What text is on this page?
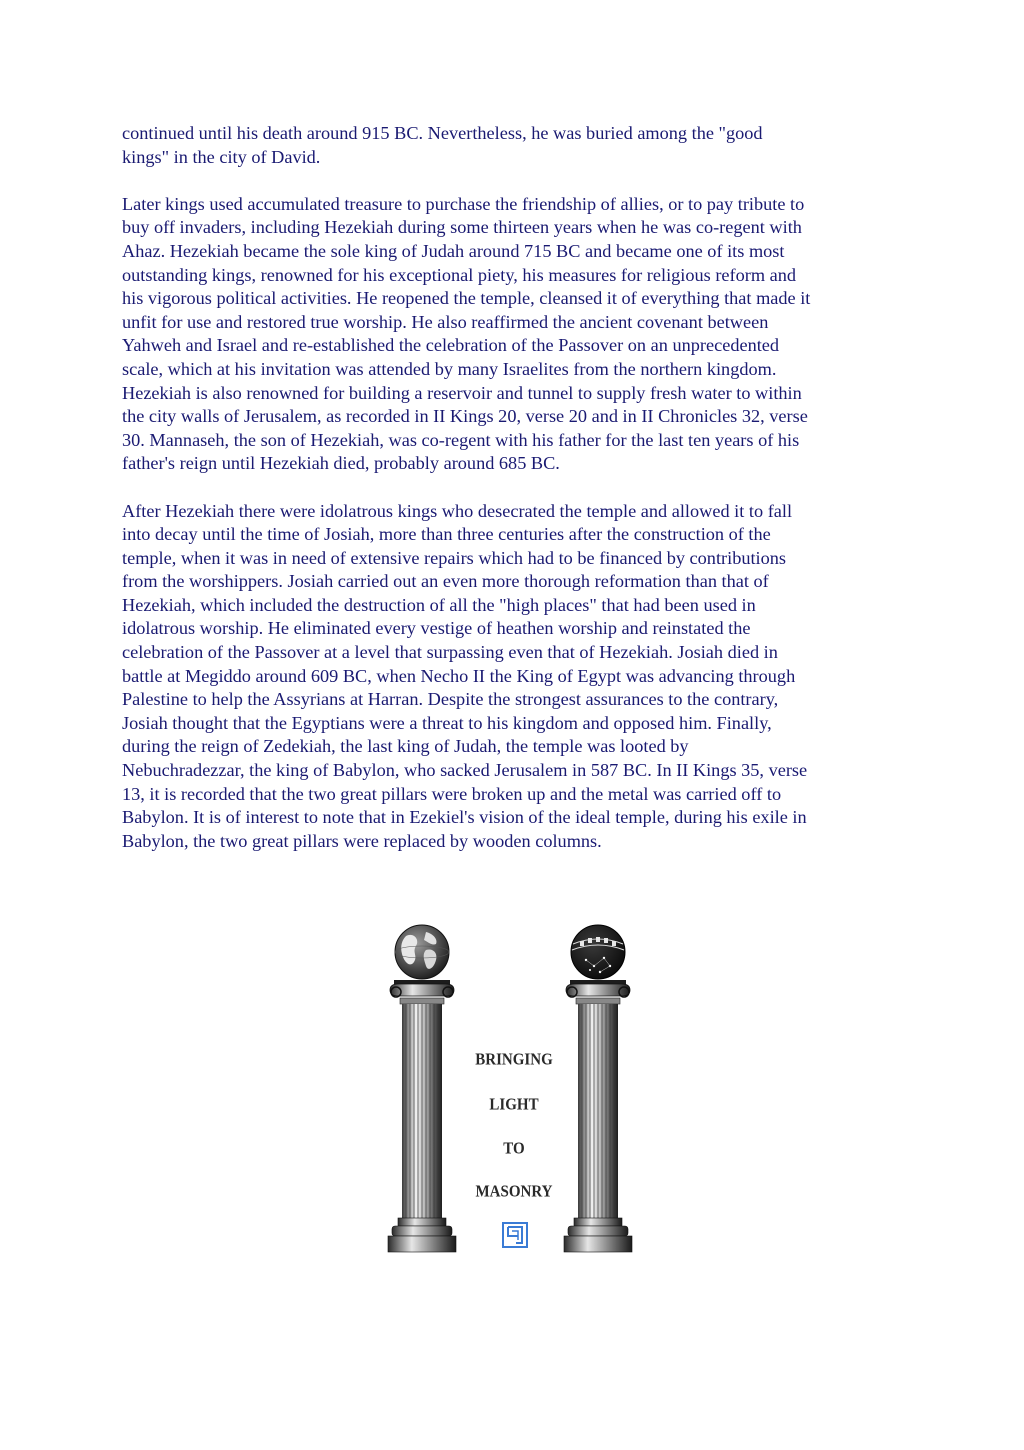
continued until his death around 915 BC. Nevertheless, he was buried among the "good
kings" in the city of David.

Later kings used accumulated treasure to purchase the friendship of allies, or to pay tribute to
buy off invaders, including Hezekiah during some thirteen years when he was co-regent with
Ahaz. Hezekiah became the sole king of Judah around 715 BC and became one of its most
outstanding kings, renowned for his exceptional piety, his measures for religious reform and
his vigorous political activities. He reopened the temple, cleansed it of everything that made it
unfit for use and restored true worship. He also reaffirmed the ancient covenant between
Yahweh and Israel and re-established the celebration of the Passover on an unprecedented
scale, which at his invitation was attended by many Israelites from the northern kingdom.
Hezekiah is also renowned for building a reservoir and tunnel to supply fresh water to within
the city walls of Jerusalem, as recorded in II Kings 20, verse 20 and in II Chronicles 32, verse
30. Mannaseh, the son of Hezekiah, was co-regent with his father for the last ten years of his
father's reign until Hezekiah died, probably around 685 BC.

After Hezekiah there were idolatrous kings who desecrated the temple and allowed it to fall
into decay until the time of Josiah, more than three centuries after the construction of the
temple, when it was in need of extensive repairs which had to be financed by contributions
from the worshippers. Josiah carried out an even more thorough reformation than that of
Hezekiah, which included the destruction of all the "high places" that had been used in
idolatrous worship. He eliminated every vestige of heathen worship and reinstated the
celebration of the Passover at a level that surpassing even that of Hezekiah. Josiah died in
battle at Megiddo around 609 BC, when Necho II the King of Egypt was advancing through
Palestine to help the Assyrians at Harran. Despite the strongest assurances to the contrary,
Josiah thought that the Egyptians were a threat to his kingdom and opposed him. Finally,
during the reign of Zedekiah, the last king of Judah, the temple was looted by
Nebuchradezzar, the king of Babylon, who sacked Jerusalem in 587 BC. In II Kings 35, verse
13, it is recorded that the two great pillars were broken up and the metal was carried off to
Babylon. It is of interest to note that in Ezekiel's vision of the ideal temple, during his exile in
Babylon, the two great pillars were replaced by wooden columns.

BRINGING
LIGHT
TO
MASONRY
